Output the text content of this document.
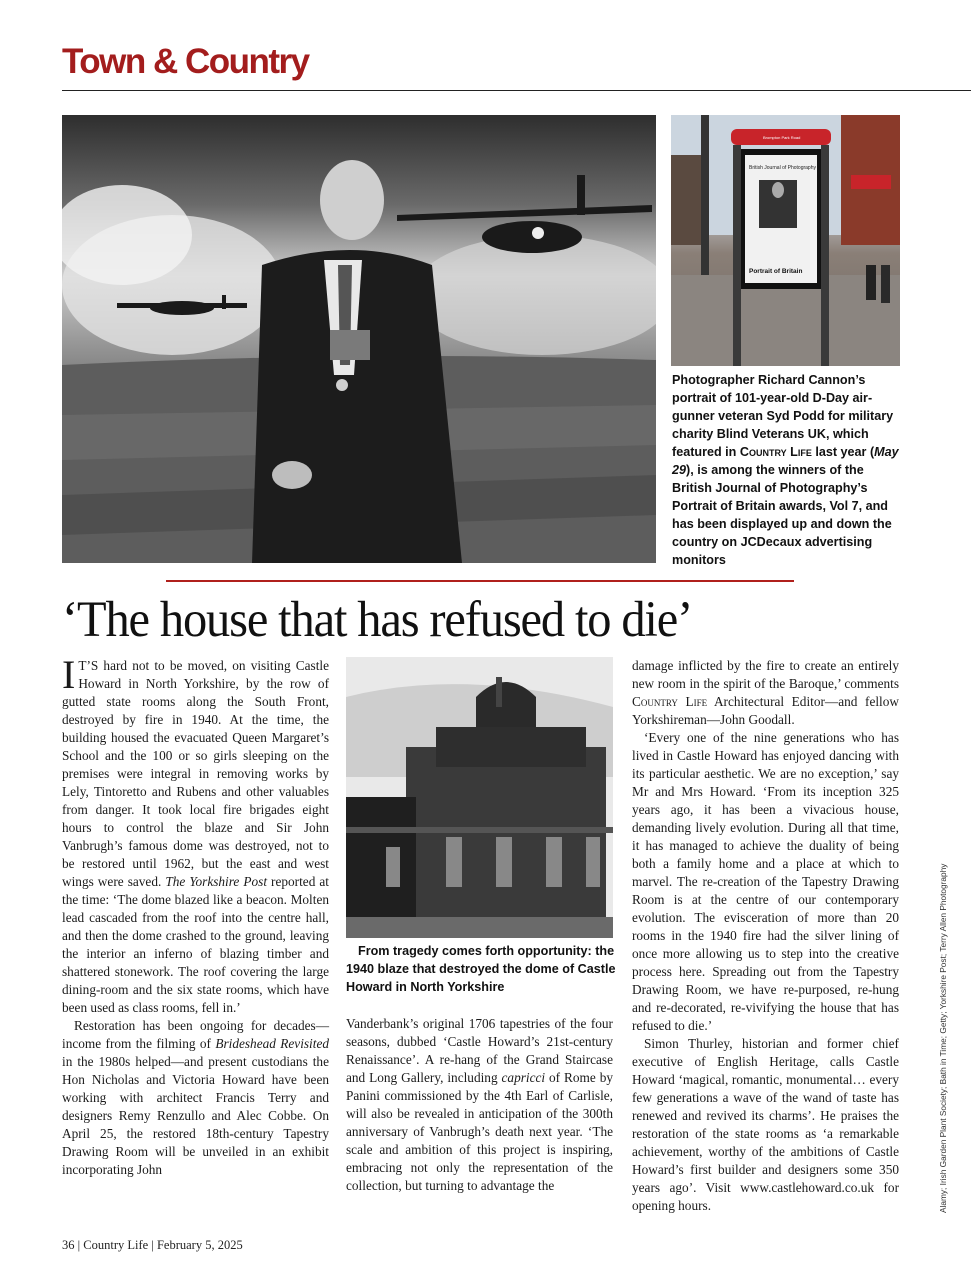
Town & Country
British Journal of Photography
Portrait of Britain
Brompton Park Road

Photographer Richard Cannon’s portrait of 101-year-old D-Day air-gunner veteran Syd Podd for military charity Blind Veterans UK, which featured in Country Life last year (May 29), is among the winners of the British Journal of Photography’s Portrait of Britain awards, Vol 7, and has been displayed up and down the country on JCDecaux advertising monitors

‘The house that has refused to die’

I T’S hard not to be moved, on visiting Castle Howard in North Yorkshire, by the row of gutted state rooms along the South Front, destroyed by fire in 1940. At the time, the building housed the evacuated Queen Margaret’s School and the 100 or so girls sleeping on the premises were integral in removing works by Lely, Tintoretto and Rubens and other valuables from danger. It took local fire brigades eight hours to control the blaze and Sir John Vanbrugh’s famous dome was destroyed, not to be restored until 1962, but the east and west wings were saved. The Yorkshire Post reported at the time: ‘The dome blazed like a beacon. Molten lead cascaded from the roof into the centre hall, and then the dome crashed to the ground, leaving the interior an inferno of blazing timber and shattered stonework. The roof covering the large dining-room and the six state rooms, which have been used as class rooms, fell in.’

Restoration has been ongoing for decades—income from the filming of Brideshead Revisited in the 1980s helped—and present custodians the Hon Nicholas and Victoria Howard have been working with architect Francis Terry and designers Remy Renzullo and Alec Cobbe. On April 25, the restored 18th-century Tapestry Drawing Room will be unveiled in an exhibit incorporating John

From tragedy comes forth opportunity: the 1940 blaze that destroyed the dome of Castle Howard in North Yorkshire

Vanderbank’s original 1706 tapestries of the four seasons, dubbed ‘Castle Howard’s 21st-century Renaissance’. A re-hang of the Grand Staircase and Long Gallery, including capricci of Rome by Panini commissioned by the 4th Earl of Carlisle, will also be revealed in anticipation of the 300th anniversary of Vanbrugh’s death next year. ‘The scale and ambition of this project is inspiring, embracing not only the representation of the collection, but turning to advantage the

damage inflicted by the fire to create an entirely new room in the spirit of the Baroque,’ comments Country Life Architectural Editor—and fellow Yorkshireman—John Goodall.

‘Every one of the nine generations who has lived in Castle Howard has enjoyed dancing with its particular aesthetic. We are no exception,’ say Mr and Mrs Howard. ‘From its inception 325 years ago, it has been a vivacious house, demanding lively evolution. During all that time, it has managed to achieve the duality of being both a family home and a place at which to marvel. The re-creation of the Tapestry Drawing Room is at the centre of our contemporary evolution. The evisceration of more than 20 rooms in the 1940 fire had the silver lining of once more allowing us to step into the creative process here. Spreading out from the Tapestry Drawing Room, we have re-purposed, re-hung and re-decorated, re-vivifying the house that has refused to die.’

Simon Thurley, historian and former chief executive of English Heritage, calls Castle Howard ‘magical, romantic, monumental… every few generations a wave of the wand of taste has renewed and revived its charms’. He praises the restoration of the state rooms as ‘a remarkable achievement, worthy of the ambitions of Castle Howard’s first builder and designers some 350 years ago’. Visit www.castlehoward.co.uk for opening hours.	Alamy; Irish Garden Plant Society; Bath in Time; Getty; Yorkshire Post; Terry Allen Photography
36 | Country Life | February 5, 2025
